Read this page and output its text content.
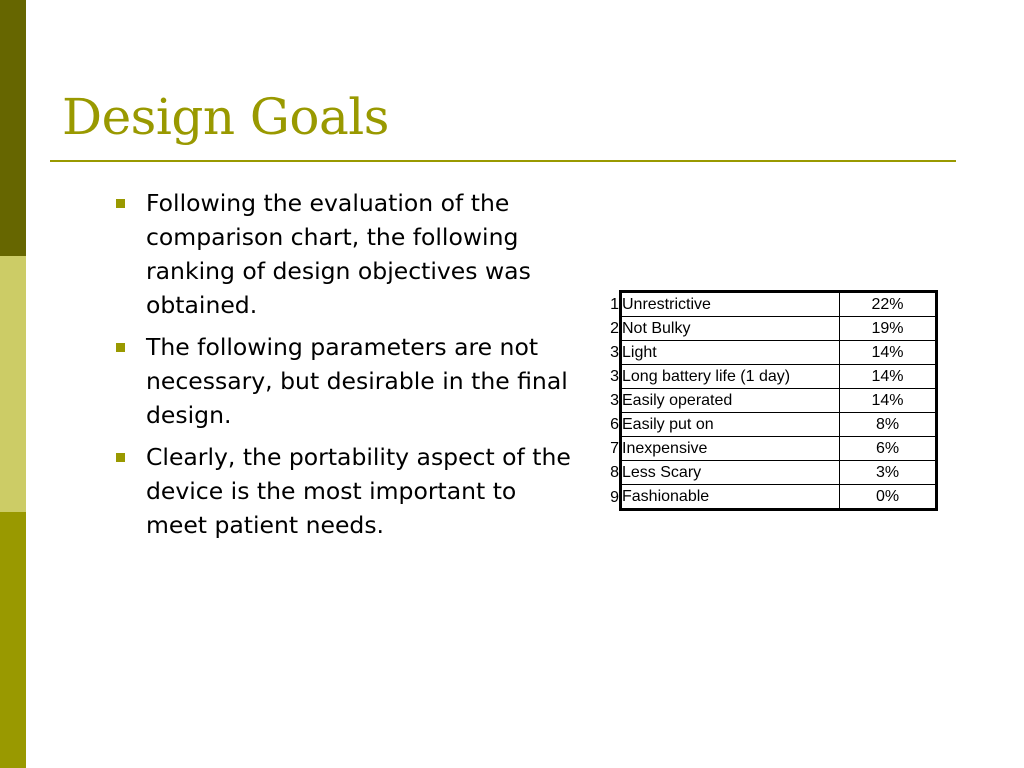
Design Goals
Following the evaluation of the comparison chart, the following ranking of design objectives was obtained.
The following parameters are not necessary, but desirable in the final design.
Clearly, the portability aspect of the device is the most important to meet patient needs.
1	Unrestrictive	22%
2	Not Bulky	19%
3	Light	14%
3	Long battery life (1 day)	14%
3	Easily operated	14%
6	Easily put on	8%
7	Inexpensive	6%
8	Less Scary	3%
9	Fashionable	0%
